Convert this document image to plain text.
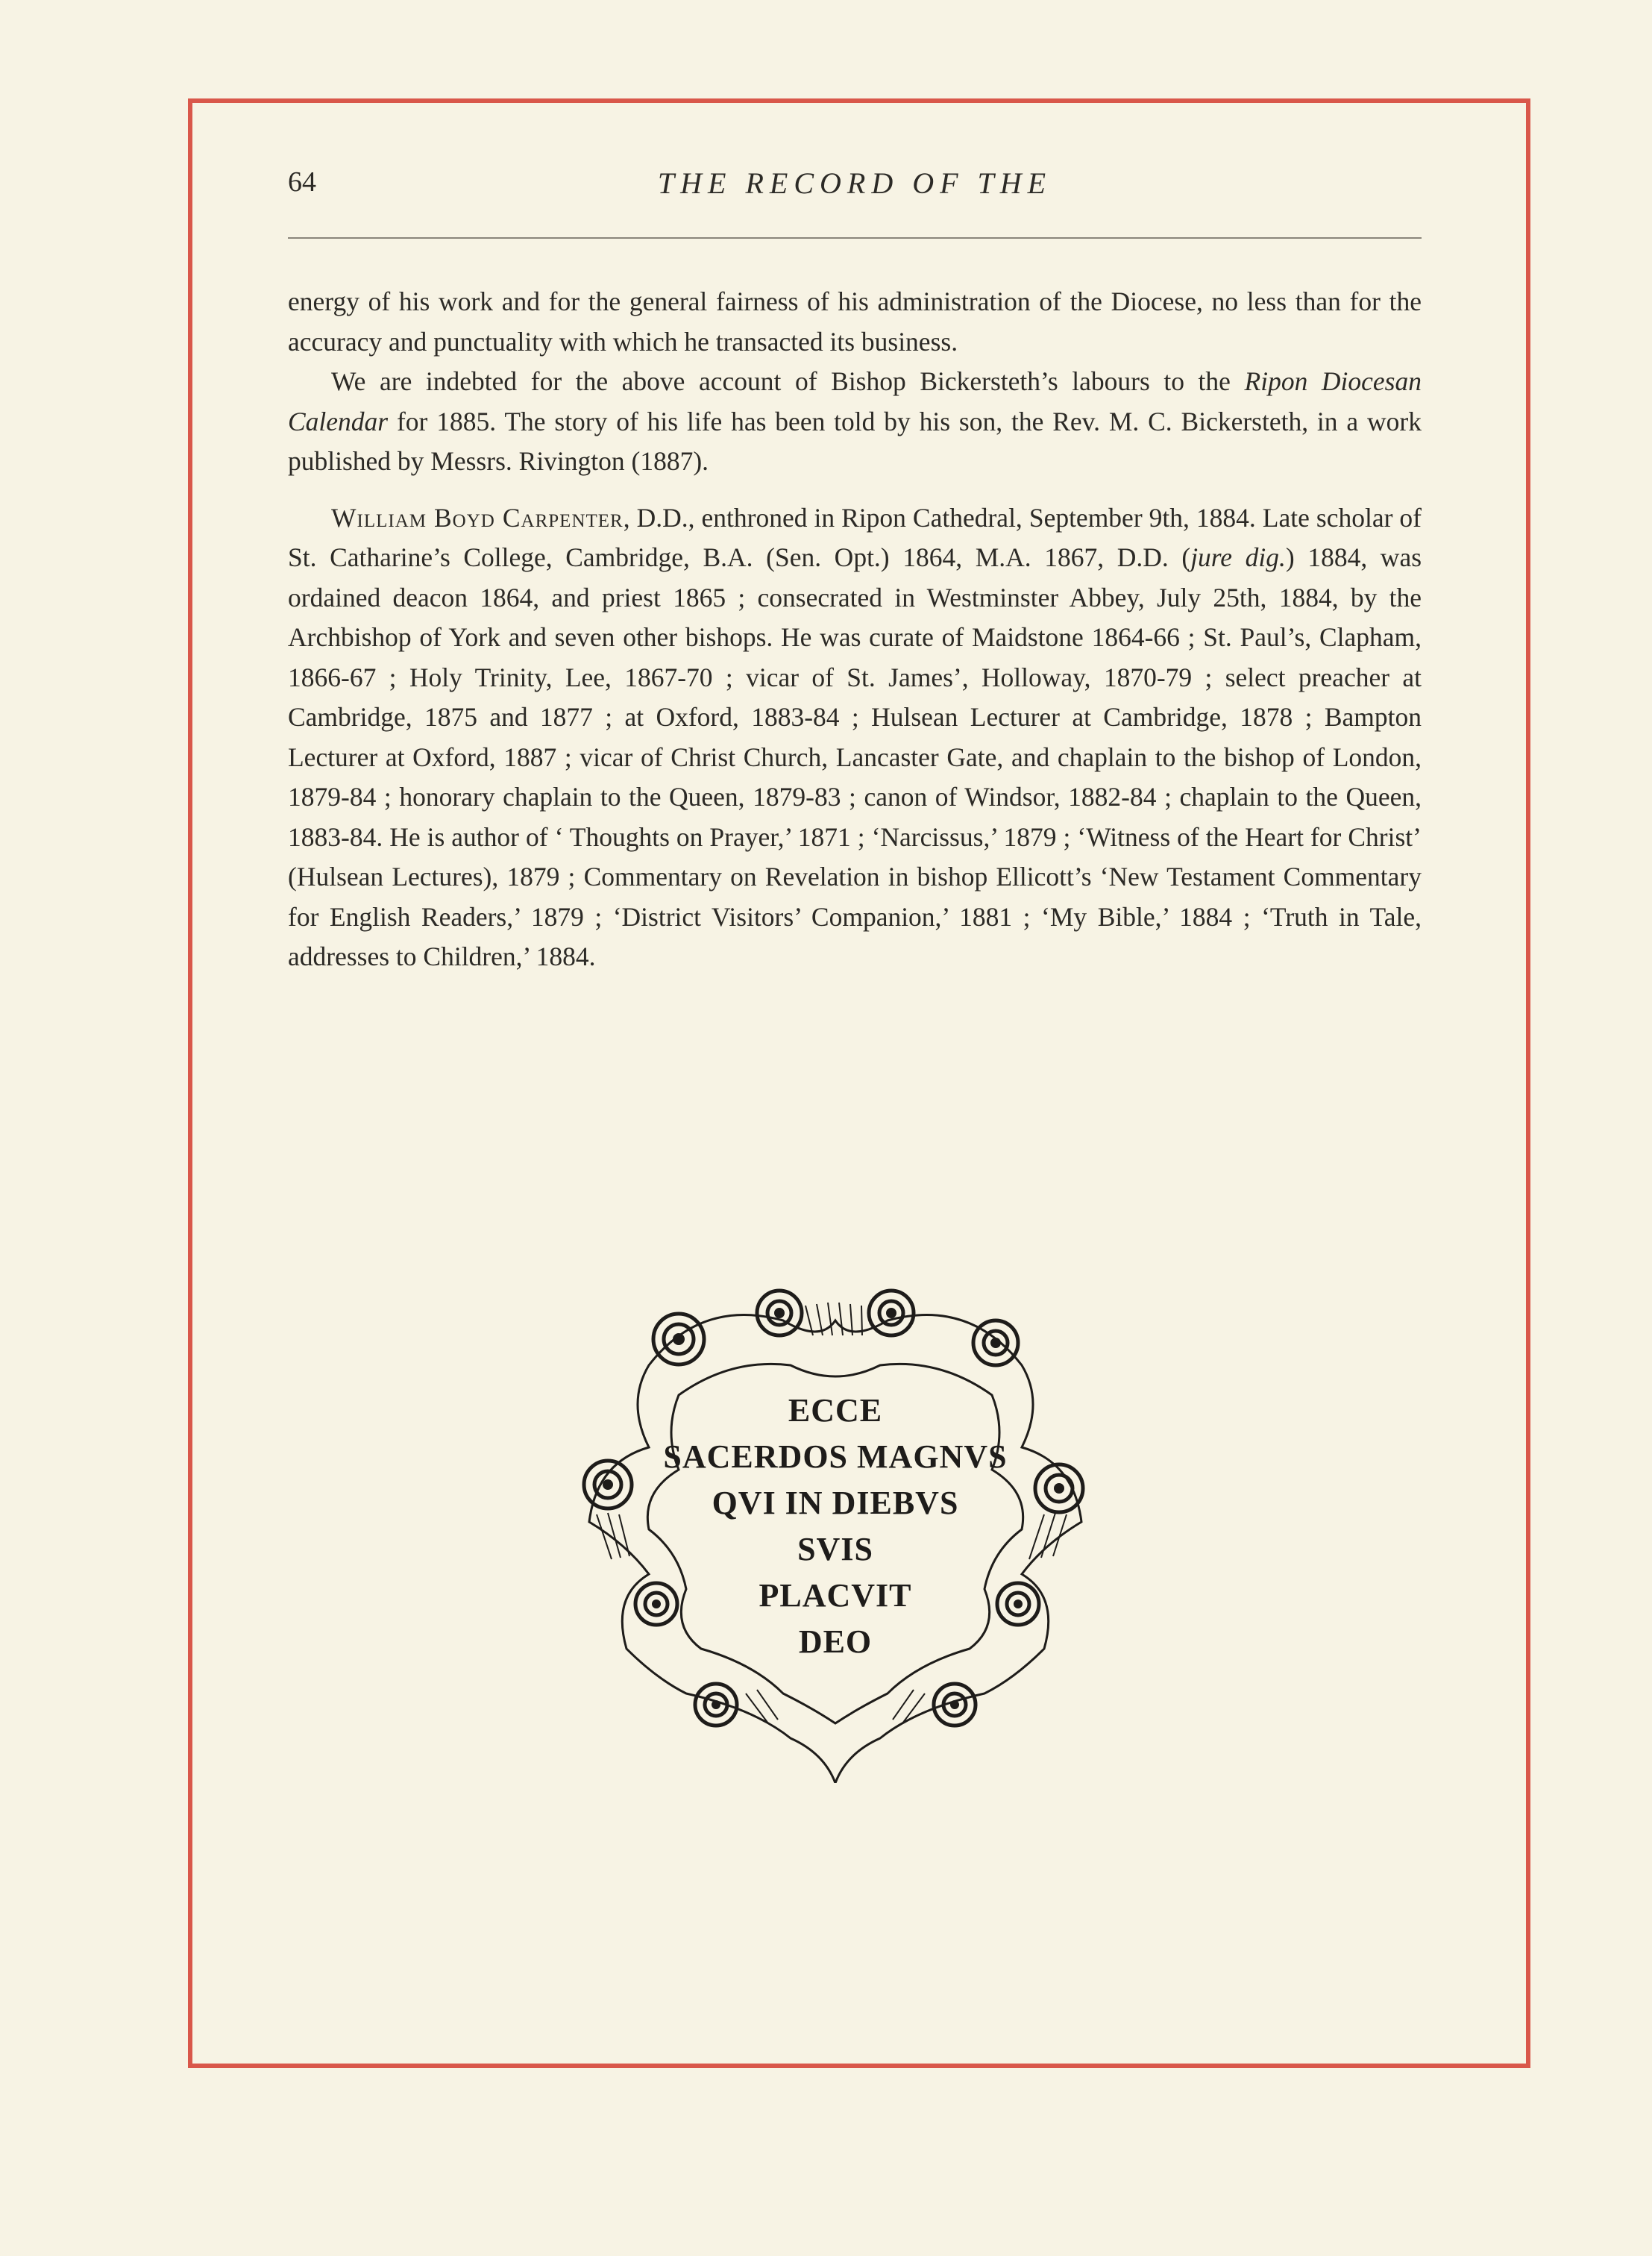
64	THE RECORD OF THE

energy of his work and for the general fairness of his administration of the Diocese, no less than for the accuracy and punctuality with which he transacted its business.

We are indebted for the above account of Bishop Bickersteth’s labours to the Ripon Diocesan Calendar for 1885. The story of his life has been told by his son, the Rev. M. C. Bickersteth, in a work published by Messrs. Rivington (1887).

William Boyd Carpenter, D.D., enthroned in Ripon Cathedral, September 9th, 1884. Late scholar of St. Catharine’s College, Cambridge, B.A. (Sen. Opt.) 1864, M.A. 1867, D.D. (jure dig.) 1884, was ordained deacon 1864, and priest 1865 ; consecrated in Westminster Abbey, July 25th, 1884, by the Archbishop of York and seven other bishops. He was curate of Maidstone 1864-66 ; St. Paul’s, Clapham, 1866-67 ; Holy Trinity, Lee, 1867-70 ; vicar of St. James’, Holloway, 1870-79 ; select preacher at Cambridge, 1875 and 1877 ; at Oxford, 1883-84 ; Hulsean Lecturer at Cambridge, 1878 ; Bampton Lecturer at Oxford, 1887 ; vicar of Christ Church, Lancaster Gate, and chaplain to the bishop of London, 1879-84 ; honorary chaplain to the Queen, 1879-83 ; canon of Windsor, 1882-84 ; chaplain to the Queen, 1883-84. He is author of ‘ Thoughts on Prayer,’ 1871 ; ‘Narcissus,’ 1879 ; ‘Witness of the Heart for Christ’ (Hulsean Lectures), 1879 ; Commentary on Revelation in bishop Ellicott’s ‘New Testament Commentary for English Readers,’ 1879 ; ‘District Visitors’ Companion,’ 1881 ; ‘My Bible,’ 1884 ; ‘Truth in Tale, addresses to Children,’ 1884.

ECCE
SACERDOS MAGNVS
QVI IN DIEBVS
SVIS
PLACVIT
DEO
